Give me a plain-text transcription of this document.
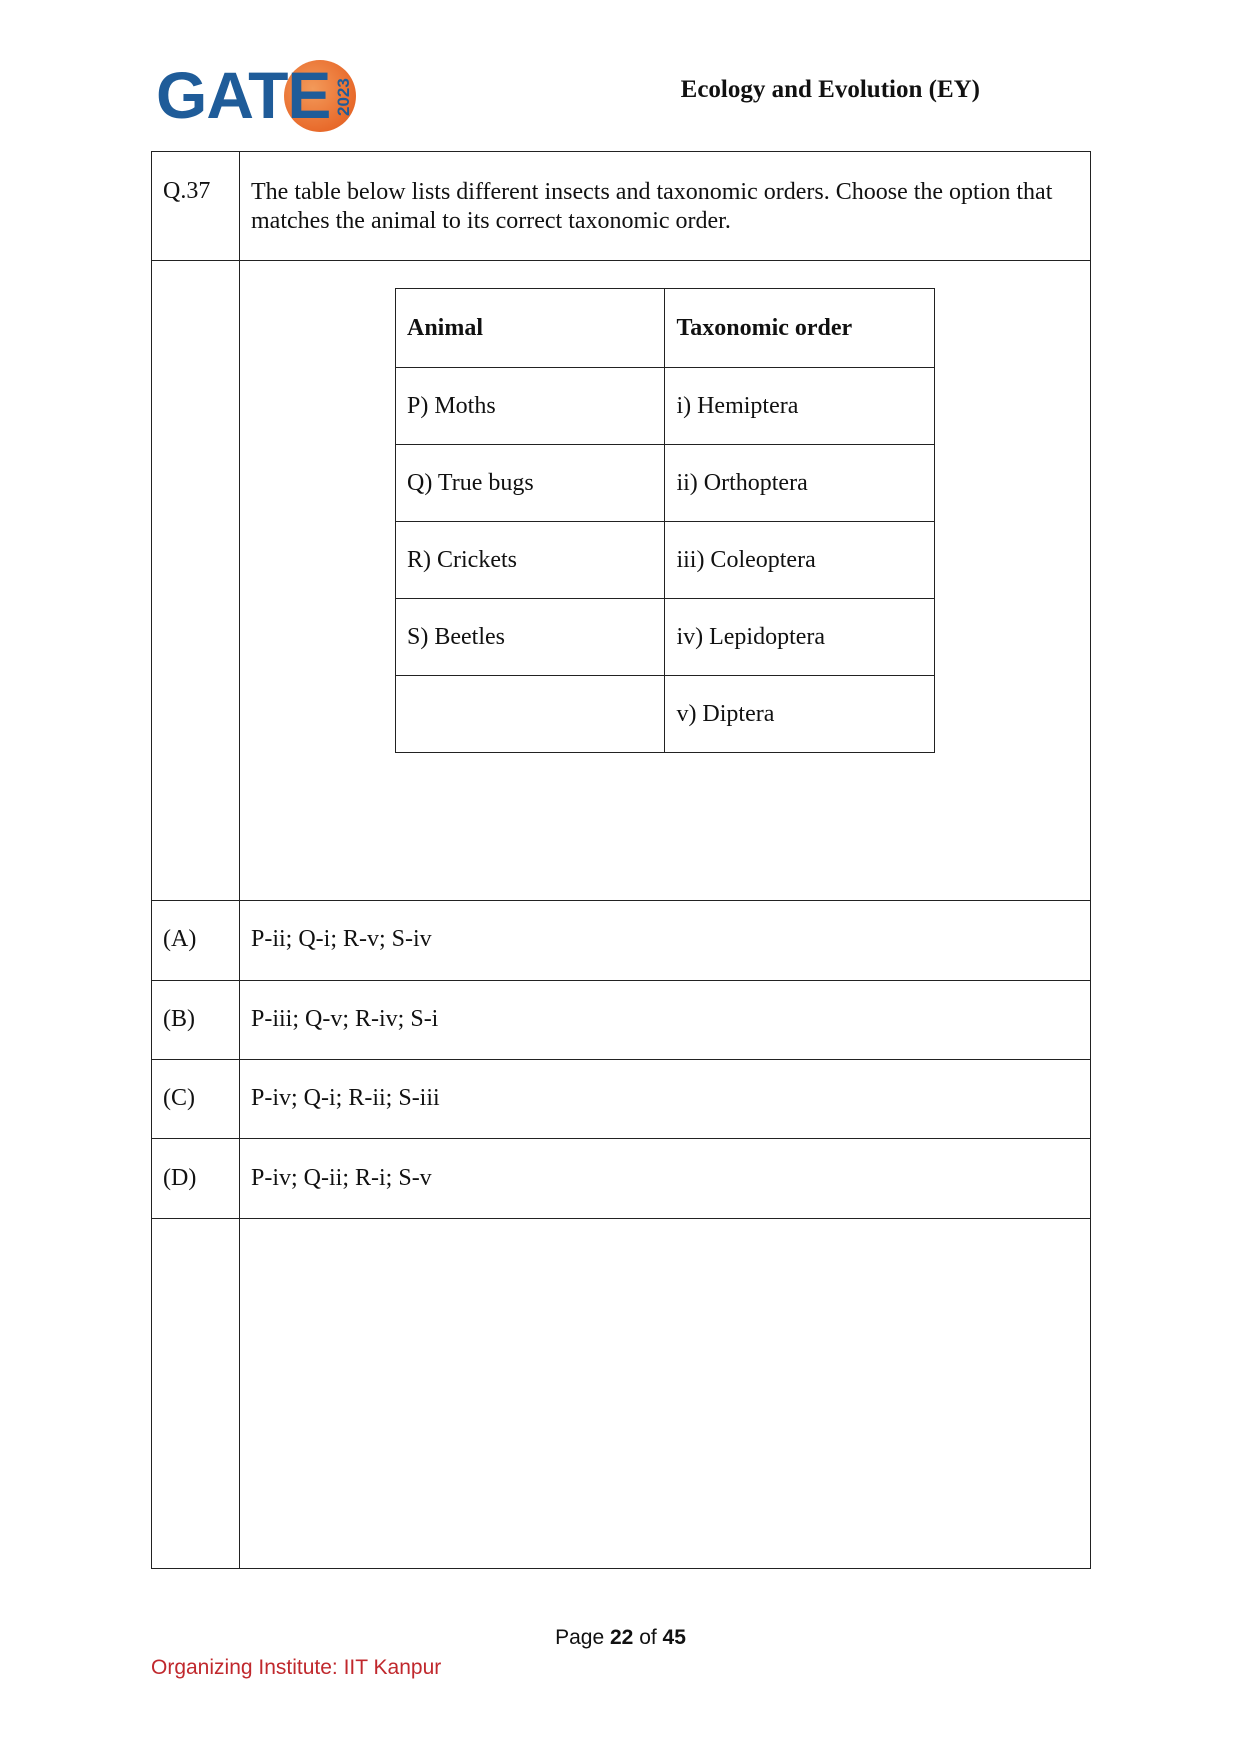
GATE 2023	Ecology and Evolution (EY)
Q.37 The table below lists different insects and taxonomic orders. Choose the option that matches the animal to its correct taxonomic order.
Animal	Taxonomic order
P) Moths	i) Hemiptera
Q) True bugs	ii) Orthoptera
R) Crickets	iii) Coleoptera
S) Beetles	iv) Lepidoptera
	v) Diptera
(A) P-ii; Q-i; R-v; S-iv
(B) P-iii; Q-v; R-iv; S-i
(C) P-iv; Q-i; R-ii; S-iii
(D) P-iv; Q-ii; R-i; S-v
Page 22 of 45
Organizing Institute: IIT Kanpur
